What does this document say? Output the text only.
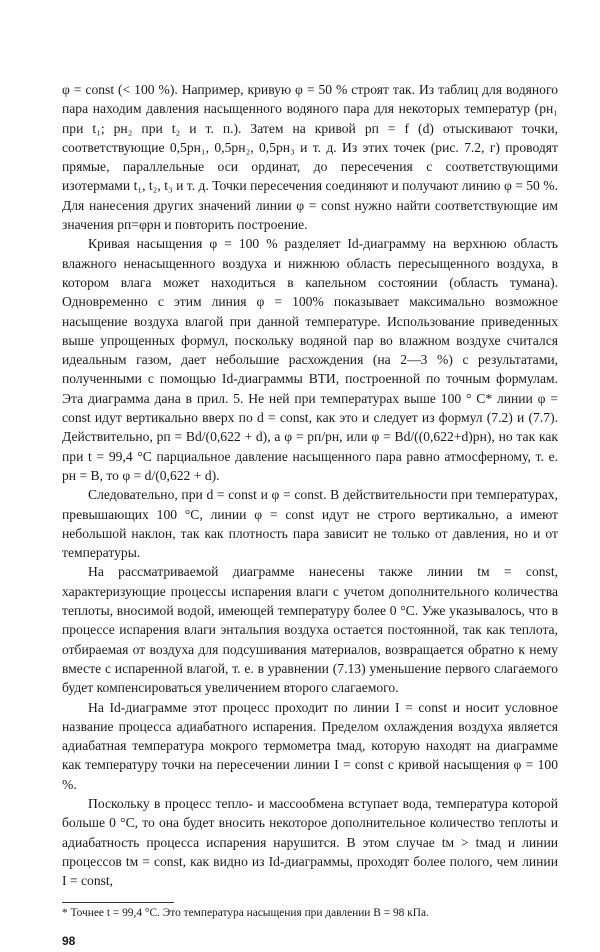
φ = const (< 100 %). Например, кривую φ = 50 % строят так. Из таблиц для водяного пара находим давления насыщенного водяного пара для некоторых температур (pн₁ при t₁; pн₂ при t₂ и т. п.). Затем на кривой pп = f (d) отыскивают точки, соответствующие 0,5pн₁, 0,5pн₂, 0,5pн₃ и т. д. Из этих точек (рис. 7.2, г) проводят прямые, параллельные оси ординат, до пересечения с соответствующими изотермами t₁, t₂, t₃ и т. д. Точки пересечения соединяют и получают линию φ = 50 %. Для нанесения других значений линии φ = const нужно найти соответствующие им значения pп=φpн и повторить построение.

Кривая насыщения φ = 100 % разделяет Id-диаграмму на верхнюю область влажного ненасыщенного воздуха и нижнюю область пересыщенного воздуха, в котором влага может находиться в капельном состоянии (область тумана). Одновременно с этим линия φ = 100% показывает максимально возможное насыщение воздуха влагой при данной температуре. Использование приведенных выше упрощенных формул, поскольку водяной пар во влажном воздухе считался идеальным газом, дает небольшие расхождения (на 2—3 %) с результатами, полученными с помощью Id-диаграммы ВТИ, построенной по точным формулам. Эта диаграмма дана в прил. 5. Не ней при температурах выше 100 ° С* линии φ = const идут вертикально вверх по d = const, как это и следует из формул (7.2) и (7.7). Действительно, pп = Bd/(0,622 + d), а φ = pп/pн, или φ = Bd/((0,622+d)pн), но так как при t = 99,4 °С парциальное давление насыщенного пара равно атмосферному, т. е. pн = B, то φ = d/(0,622 + d).

Следовательно, при d = const и φ = const. В действительности при температурах, превышающих 100 °С, линии φ = const идут не строго вертикально, а имеют небольшой наклон, так как плотность пара зависит не только от давления, но и от температуры.

На рассматриваемой диаграмме нанесены также линии tм = const, характеризующие процессы испарения влаги с учетом дополнительного количества теплоты, вносимой водой, имеющей температуру более 0 °С. Уже указывалось, что в процессе испарения влаги энтальпия воздуха остается постоянной, так как теплота, отбираемая от воздуха для подсушивания материалов, возвращается обратно к нему вместе с испаренной влагой, т. е. в уравнении (7.13) уменьшение первого слагаемого будет компенсироваться увеличением второго слагаемого.

На Id-диаграмме этот процесс проходит по линии I = const и носит условное название процесса адиабатного испарения. Пределом охлаждения воздуха является адиабатная температура мокрого термометра tмад, которую находят на диаграмме как температуру точки на пересечении линии I = const с кривой насыщения φ = 100 %.

Поскольку в процесс тепло- и массообмена вступает вода, температура которой больше 0 °С, то она будет вносить некоторое дополнительное количество теплоты и адиабатность процесса испарения нарушится. В этом случае tм > tмад и линии процессов tм = const, как видно из Id-диаграммы, проходят более полого, чем линии I = const,

* Точнее t = 99,4 °С. Это температура насыщения при давлении B = 98 кПа.

98
